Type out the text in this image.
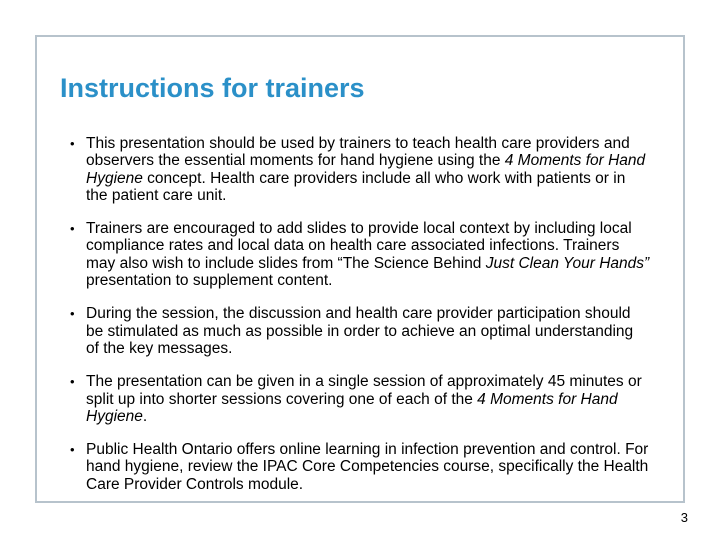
Instructions for trainers
• This presentation should be used by trainers to teach health care providers and observers the essential moments for hand hygiene using the 4 Moments for Hand Hygiene concept. Health care providers include all who work with patients or in the patient care unit.
• Trainers are encouraged to add slides to provide local context by including local compliance rates and local data on health care associated infections. Trainers may also wish to include slides from “The Science Behind Just Clean Your Hands” presentation to supplement content.
• During the session, the discussion and health care provider participation should be stimulated as much as possible in order to achieve an optimal understanding of the key messages.
• The presentation can be given in a single session of approximately 45 minutes or split up into shorter sessions covering one of each of the 4 Moments for Hand Hygiene.
• Public Health Ontario offers online learning in infection prevention and control. For hand hygiene, review the IPAC Core Competencies course, specifically the Health Care Provider Controls module.
3
